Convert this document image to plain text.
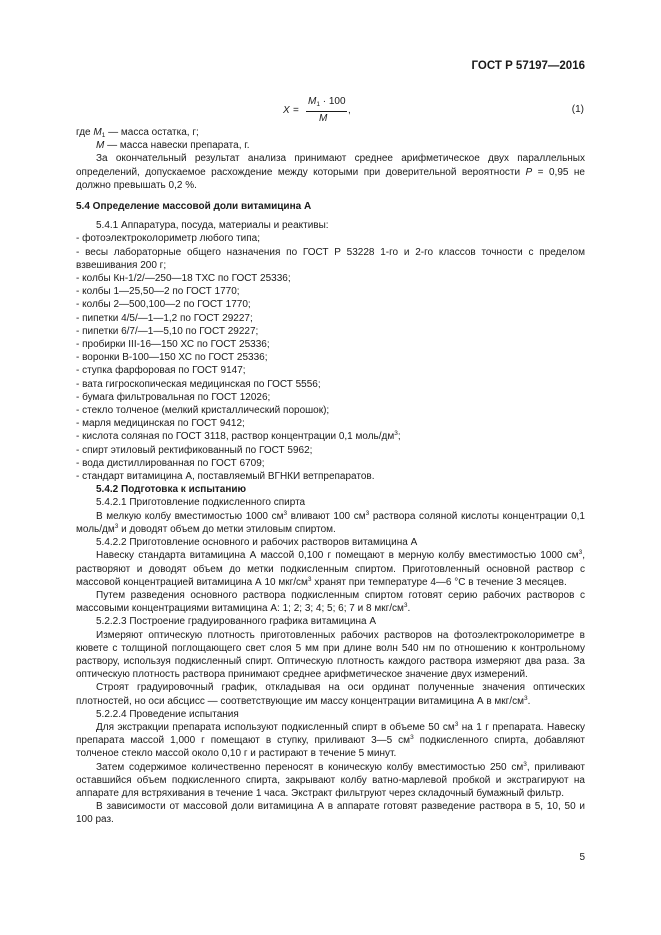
ГОСТ Р 57197—2016
X =
$M_1 \cdot 100$
M
,	(1)

где $M_1$ — масса остатка, г;

M — масса навески препарата, г.

За окончательный результат анализа принимают среднее арифметическое двух параллельных определений, допускаемое расхождение между которыми при доверительной вероятности P = 0,95 не должно превышать 0,2 %.

5.4 Определение массовой доли витамицина А

5.4.1 Аппаратура, посуда, материалы и реактивы:

- фотоэлектроколориметр любого типа;

- весы лабораторные общего назначения по ГОСТ Р 53228 1-го и 2-го классов точности с пределом взвешивания 200 г;

- колбы Кн-1/2/—250—18 ТХС по ГОСТ 25336;

- колбы 1—25,50—2 по ГОСТ 1770;

- колбы 2—500,100—2 по ГОСТ 1770;

- пипетки 4/5/—1—1,2 по ГОСТ 29227;

- пипетки 6/7/—1—5,10 по ГОСТ 29227;

- пробирки III-16—150 ХС по ГОСТ 25336;

- воронки В-100—150 ХС по ГОСТ 25336;

- ступка фарфоровая по ГОСТ 9147;

- вата гигроскопическая медицинская по ГОСТ 5556;

- бумага фильтровальная по ГОСТ 12026;

- стекло толченое (мелкий кристаллический порошок);

- марля медицинская по ГОСТ 9412;

- кислота соляная по ГОСТ 3118, раствор концентрации 0,1 моль/$дм^3$;

- спирт этиловый ректификованный по ГОСТ 5962;

- вода дистиллированная по ГОСТ 6709;

- стандарт витамицина А, поставляемый ВГНКИ ветпрепаратов.

5.4.2 Подготовка к испытанию

5.4.2.1 Приготовление подкисленного спирта

В мелкую колбу вместимостью 1000 $см^3$ вливают 100 $см^3$ раствора соляной кислоты концентрации 0,1 моль/$дм^3$ и доводят объем до метки этиловым спиртом.

5.4.2.2 Приготовление основного и рабочих растворов витамицина А

Навеску стандарта витамицина А массой 0,100 г помещают в мерную колбу вместимостью 1000 $см^3$, растворяют и доводят объем до метки подкисленным спиртом. Приготовленный основной раствор с массовой концентрацией витамицина А 10 мкг/$см^3$ хранят при температуре 4—6 °С в течение 3 месяцев.

Путем разведения основного раствора подкисленным спиртом готовят серию рабочих растворов с массовыми концентрациями витамицина А: 1; 2; 3; 4; 5; 6; 7 и 8 мкг/$см^3$.

5.2.2.3 Построение градуированного графика витамицина А

Измеряют оптическую плотность приготовленных рабочих растворов на фотоэлектроколориметре в кювете с толщиной поглощающего свет слоя 5 мм при длине волн 540 нм по отношению к контрольному раствору, используя подкисленный спирт. Оптическую плотность каждого раствора измеряют два раза. За оптическую плотность раствора принимают среднее арифметическое значение двух измерений.

Строят градуировочный график, откладывая на оси ординат полученные значения оптических плотностей, но оси абсцисс — соответствующие им массу концентрации витамицина А в мкг/$см^3$.

5.2.2.4 Проведение испытания

Для экстракции препарата используют подкисленный спирт в объеме 50 $см^3$ на 1 г препарата. Навеску препарата массой 1,000 г помещают в ступку, приливают 3—5 $см^3$ подкисленного спирта, добавляют толченое стекло массой около 0,10 г и растирают в течение 5 минут.

Затем содержимое количественно переносят в коническую колбу вместимостью 250 $см^3$, приливают оставшийся объем подкисленного спирта, закрывают колбу ватно-марлевой пробкой и экстрагируют на аппарате для встряхивания в течение 1 часа. Экстракт фильтруют через складочный бумажный фильтр.

В зависимости от массовой доли витамицина А в аппарате готовят разведение раствора в 5, 10, 50 и 100 раз.

5
